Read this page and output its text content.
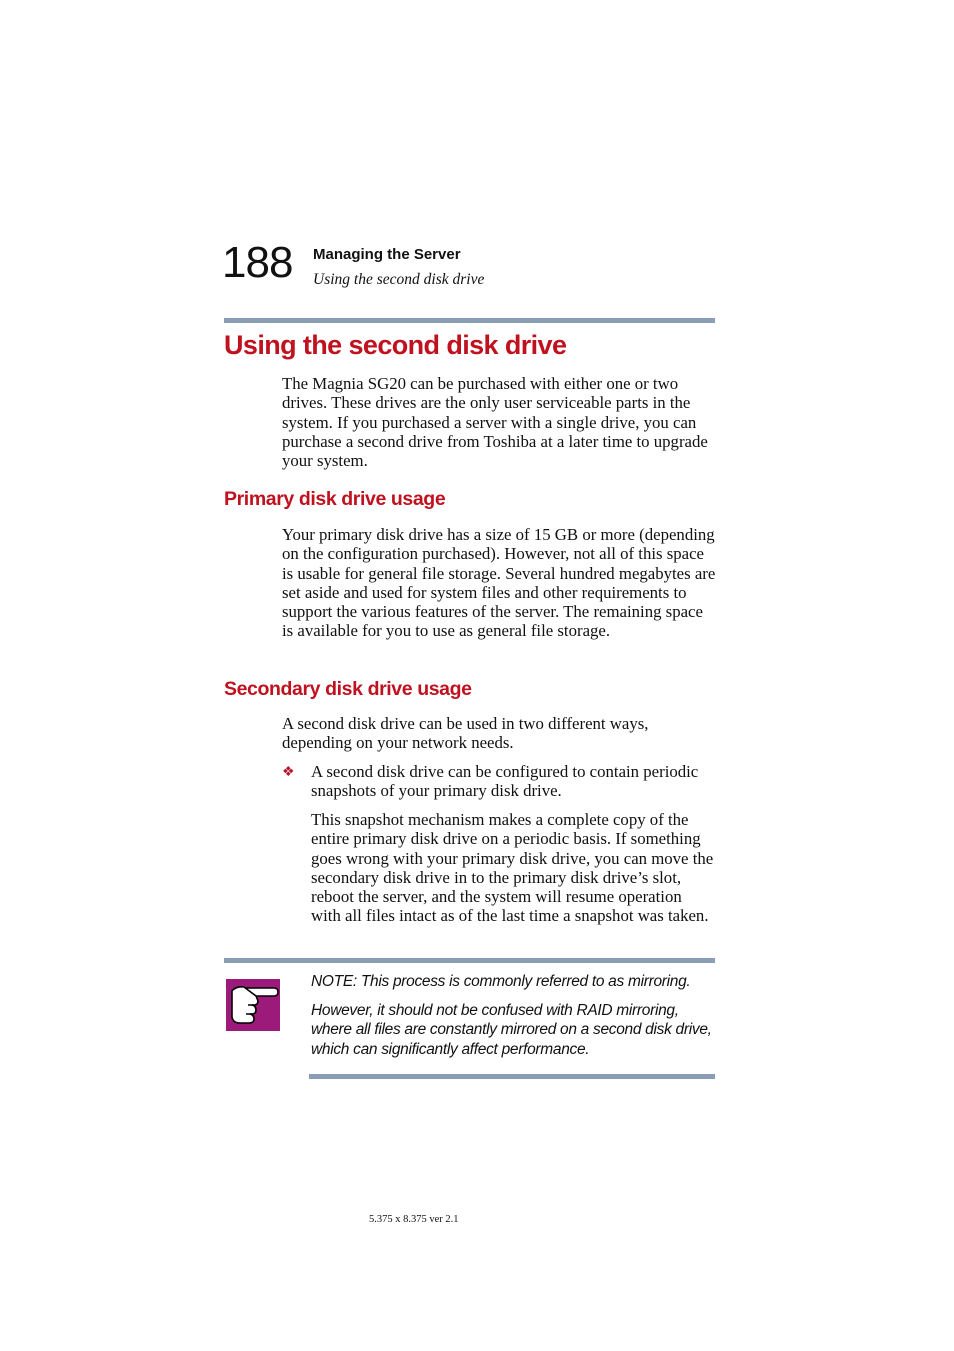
188 Managing the Server
Using the second disk drive
Using the second disk drive

The Magnia SG20 can be purchased with either one or two drives. These drives are the only user serviceable parts in the system. If you purchased a server with a single drive, you can purchase a second drive from Toshiba at a later time to upgrade your system.

Primary disk drive usage

Your primary disk drive has a size of 15 GB or more (depending on the configuration purchased). However, not all of this space is usable for general file storage. Several hundred megabytes are set aside and used for system files and other requirements to support the various features of the server. The remaining space is available for you to use as general file storage.

Secondary disk drive usage

A second disk drive can be used in two different ways, depending on your network needs.

❖ A second disk drive can be configured to contain periodic snapshots of your primary disk drive.

This snapshot mechanism makes a complete copy of the entire primary disk drive on a periodic basis. If something goes wrong with your primary disk drive, you can move the secondary disk drive in to the primary disk drive’s slot, reboot the server, and the system will resume operation with all files intact as of the last time a snapshot was taken.

NOTE: This process is commonly referred to as mirroring.

However, it should not be confused with RAID mirroring, where all files are constantly mirrored on a second disk drive, which can significantly affect performance.

5.375 x 8.375 ver 2.1
